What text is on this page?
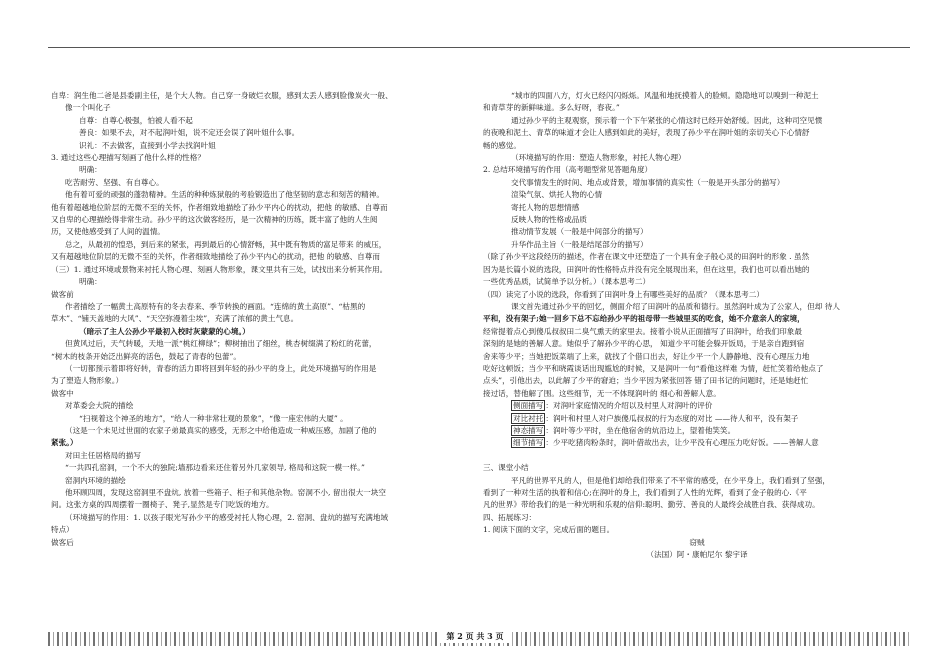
自卑：润生他二爸是县委副主任，是个大人物。自己穿一身破烂衣服，感到太丢人感到脸像炭火一般、

像一个叫化子

自尊：自尊心极强，怕被人看不起

善良：如果不去，对不起润叶姐，说不定还会误了润叶姐什么事。

识礼：不去做客，直接到小学去找润叶姐

3. 通过这些心理描写刻画了他什么样的性格？

明确：

吃苦耐劳、坚强、有自尊心。

他有着可爱的顽强的蓬勃精神。生活的种种炼狱般的考验锻造出了他坚韧的意志和刻苦的精神。

他有着超越地位阶层的无微不至的关怀，作者细致地描绘了孙少平内心的扰动，把他 的敏感、自尊而

又自卑的心理描绘得非常生动。孙少平的这次做客经历，是一次精神的历练，既丰富了他的人生阅

历，又使他感受到了人间的温情。

总之，从最初的惶恐，到后来的紧张，再到最后的心情舒畅，其中既有物质的富足带来 的威压，

又有超越地位阶层的无微不至的关怀，作者细致地描绘了孙少平内心的扰动，把他 的敏感、自尊而

（三）1. 通过环境或景物来衬托人物心理、刻画人物形象，课文里共有三处，试找出来分析其作用。

明确：

做客前

作者描绘了一幅黄土高原特有的冬去春来、季节转换的画面。“连绵的黄土高原”、“枯黑的

草木”、“铺天盖地的大风”、“天空弥漫着尘埃”，充满了浓郁的黄土气息。

（暗示了主人公孙少平最初入校时灰蒙蒙的心境。）

但黄风过后，天气转暖，天地一派“桃红柳绿”；柳树抽出了细丝，桃杏树缀满了粉红的花蕾，

“树木的枝条开始泛出鲜亮的活色，鼓起了青春的包蕾”。

（一切都预示着即将好转，青春的活力即将回到年轻的孙少平的身上，此处环境描写的作用是

为了塑造人物形象。）

做客中

对革委会大院的描绘

“扫视着这个神圣的地方”，“给人一种非常壮观的景象”，“像一座宏伟的大厦” 。

（这是一个未见过世面的农家子弟最真实的感受，无形之中给他造成一种威压感，加剧了他的

紧张。）

对田主任居格局的描写

“一共四孔窑洞，一个不大的独院;墙那边看来还住着另外几家领导, 格局和这院一模一样。”

窑洞内环境的描绘

他环顾四周，发现这窑洞里不盘炕, 放着一些箱子、柜子和其他杂物。窑洞不小, 留出很大一块空

间。这张方桌的四周摆着一圈椅子、凳子,显然是专门吃饭的地方。

（环境描写的作用：1. 以孩子眼光写孙少平的感受衬托人物心理，2. 窑洞、盘炕的描写充满地域

特点）

做客后

“城市的四面八方，灯火已经闪闪烁烁。风温和地抚摸着人的脸颊。隐隐地可以嗅到一种泥土

和青草芽的新鲜味道。多么好呀，春夜。”

通过孙少平的主观观察，预示着一个下午紧张的心情这时已经开始舒缓。因此，这种司空见惯

的夜晚和泥土、青草的味道才会让人感到如此的美好，表现了孙少平在润叶姐的亲切关心下心情舒

畅的感觉。

（环境描写的作用：塑造人物形象，衬托人物心理）

2. 总结环境描写的作用（高考题型常见答题角度）

交代事情发生的时间、地点或背景，增加事情的真实性（一般是开头部分的描写）

渲染气氛、烘托人物的心情

寄托人物的思想情感

反映人物的性格或品质

推动情节发展（一般是中间部分的描写）

升华作品主旨（一般是结尾部分的描写）

（除了孙少平这段经历的描述，作者在课文中还塑造了一个具有金子般心灵的田润叶的形象 . 虽然

因为是长篇小说的选段，田润叶的性格特点并没有完全展现出来，但在这里，我们也可以看出她的

一些优秀品质，试简单予以分析。）（课本思考二）

（四）读完了小说的选段，你看到了田润叶身上有哪些美好的品质？（课本思考二）

课文首先通过孙少平的回忆，侧面介绍了田润叶的品质和德行。虽然润叶成为了公家人，但却 待人

平和，没有架子;她一回乡下总不忘给孙少平的祖母带一些城里买的吃食，她不介意亲人的家境，

经常提着点心到傻瓜叔叔田二臭气熏天的家里去。接着小说从正面描写了田润叶，给我们印象最

深刻的是她的善解人意。她似乎了解孙少平的心思， 知道少平可能会躲开饭局，于是亲自跑到宿

舍来等少平；当她把饭菜端了上来，就找了个借口出去，好让少平一个人静静地、没有心理压力地

吃好这顿饭；当少平和晓霞谈话出现尴尬的时候，又是润叶一句“看他这样难 为情，赶忙笑着给他点了

点头”，引他出去，以此解了少平的窘迫；当少平因为紧张回答 错了田书记的问题时，还是她赶忙

接过话，替他解了围。这些细节，无一不体现润叶的 细心和善解人意。

侧面描写 ：对润叶家庭情况的介绍以及村里人对润叶的评价

对比衬托 ：润叶和村里人对户族傻瓜叔叔的行为态度的对比 ——待人和平，没有架子

神态描写 ：润叶等少平时，坐在他宿舍的炕沿边上，望着他笑笑。

细节描写 ：少平吃猪肉粉条时，润叶借故出去，让少平没有心理压力吃好饭。——善解人意

三、课堂小结

平凡的世界平凡的人，但是他们却给我们带来了不平常的感受，在少平身上，我们看到了坚强，

看到了一种对生活的执着和信心;在润叶的身上，我们看到了人性的光辉，看到了金子般的心.《平

凡的世界》带给我们的是一种光明和乐观的信仰:聪明、勤劳、善良的人最终会战胜自我、获得成功。

四、拓展练习：

1. 阅读下面的文字，完成后面的题目。

窃贼

（法国）阿・康帕尼尔 黎宇译

第 2 页 共 3 页
